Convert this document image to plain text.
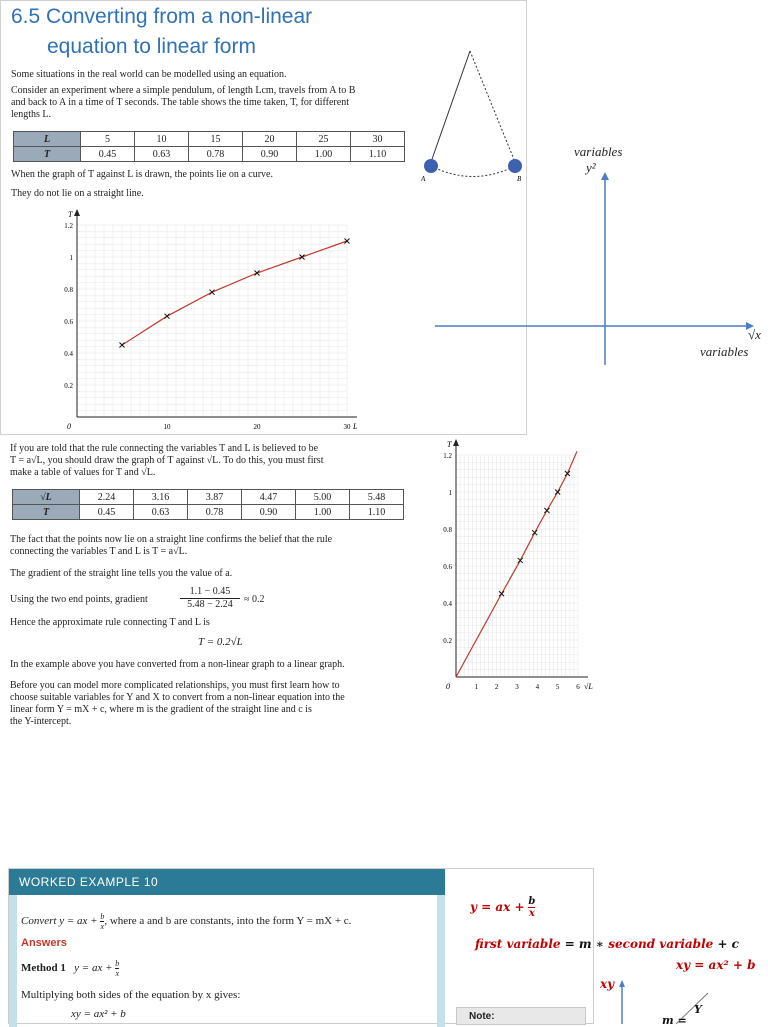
6.5 Converting from a non-linear
equation to linear form
Some situations in the real world can be modelled using an equation.
Consider an experiment where a simple pendulum, of length Lcm, travels from A to B
and back to A in a time of T seconds. The table shows the time taken, T, for different
lengths L.
L	5	10	15	20	25	30
T	0.45	0.63	0.78	0.90	1.00	1.10
When the graph of T against L is drawn, the points lie on a curve.
They do not lie on a straight line.
T
L
0
0.2
0.4
0.6
0.8
1
1.2
10	20	30
A	B
variables
y²
√x
variables
If you are told that the rule connecting the variables T and L is believed to be
T = a√L, you should draw the graph of T against √L. To do this, you must first
make a table of values for T and √L.
√L	2.24	3.16	3.87	4.47	5.00	5.48
T	0.45	0.63	0.78	0.90	1.00	1.10
The fact that the points now lie on a straight line confirms the belief that the rule
connecting the variables T and L is T = a√L.
The gradient of the straight line tells you the value of a.
Using the two end points, gradient	$\frac{1.1 - 0.45}{5.48 - 2.24} \approx 0.2$
Hence the approximate rule connecting T and L is
T = 0.2√L
In the example above you have converted from a non-linear graph to a linear graph.
Before you can model more complicated relationships, you must first learn how to
choose suitable variables for Y and X to convert from a non-linear equation into the
linear form Y = mX + c, where m is the gradient of the straight line and c is
the Y-intercept.
T
√L
0
0.2
0.4
0.6
0.8
1
1.2
1 2 3 4 5 6
WORKED EXAMPLE 10
Convert y = ax + $\frac{b}{x}$ , where a and b are constants, into the form Y = mX + c.
Answers
Method 1 y = ax + $\frac{b}{x}$
Multiplying both sides of the equation by x gives:
xy = ax² + b	Note:
y = ax + $\frac{b}{x}$
first variable = m ∗ second variable + c
xy = ax² + b
xy
Y
m =
